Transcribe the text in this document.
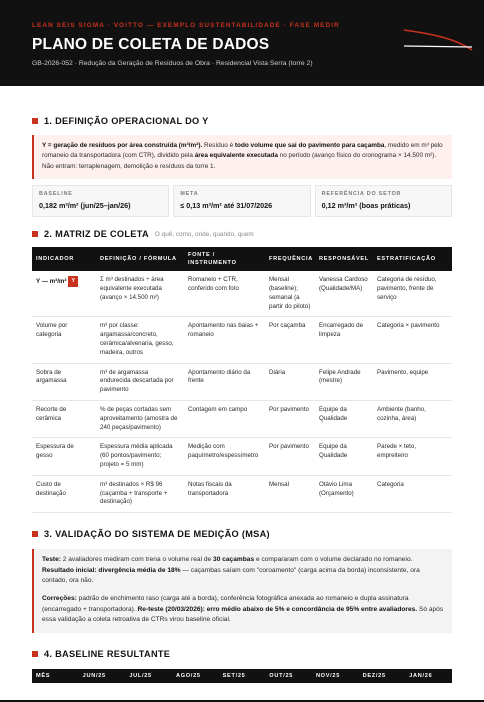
LEAN SEIS SIGMA · VOITTO — EXEMPLO SUSTENTABILIDADE · FASE MEDIR
PLANO DE COLETA DE DADOS
GB-2026-052 · Redução da Geração de Resíduos de Obra · Residencial Vista Serra (torre 2)
1. DEFINIÇÃO OPERACIONAL DO Y
Y = geração de resíduos por área construída (m³/m²). Resíduo é todo volume que sai do pavimento para caçamba, medido em m³ pelo romaneio da transportadora (com CTR), dividido pela área equivalente executada no período (avanço físico do cronograma × 14.500 m²). Não entram: terraplenagem, demolição e resíduos da torre 1.
BASELINE
0,182 m³/m² (jun/25–jan/26)
META
≤ 0,13 m³/m² até 31/07/2026
REFERÊNCIA DO SETOR
0,12 m³/m² (boas práticas)
2. MATRIZ DE COLETA O quê, como, onde, quando, quem
INDICADOR	DEFINIÇÃO / FÓRMULA	FONTE / INSTRUMENTO	FREQUÊNCIA	RESPONSÁVEL	ESTRATIFICAÇÃO
Y — m³/m² Y	Σ m³ destinados ÷ área equivalente executada (avanço × 14.500 m²)	Romaneio + CTR, conferido com foto	Mensal (baseline); semanal (a partir do piloto)	Vanessa Cardoso (Qualidade/MA)	Categoria de resíduo, pavimento, frente de serviço
Volume por categoria	m³ por classe: argamassa/concreto, cerâmica/alvenaria, gesso, madeira, outros	Apontamento nas baias + romaneio	Por caçamba	Encarregado de limpeza	Categoria × pavimento
Sobra de argamassa	m³ de argamassa endurecida descartada por pavimento	Apontamento diário da frente	Diária	Felipe Andrade (mestre)	Pavimento, equipe
Recorte de cerâmica	% de peças cortadas sem aproveitamento (amostra de 240 peças/pavimento)	Contagem em campo	Por pavimento	Equipe da Qualidade	Ambiente (banho, cozinha, área)
Espessura de gesso	Espessura média aplicada (60 pontos/pavimento; projeto = 5 mm)	Medição com paquímetro/espessímetro	Por pavimento	Equipe da Qualidade	Parede × teto, empreiteiro
Custo de destinação	m³ destinados × R$ 96 (caçamba + transporte + destinação)	Notas fiscais da transportadora	Mensal	Otávio Lima (Orçamento)	Categoria
3. VALIDAÇÃO DO SISTEMA DE MEDIÇÃO (MSA)

Teste: 2 avaliadores mediram com trena o volume real de 30 caçambas e compararam com o volume declarado no romaneio. Resultado inicial: divergência média de 18% — caçambas saíam com "coroamento" (carga acima da borda) inconsistente, ora contado, ora não.

Correções: padrão de enchimento raso (carga até a borda), conferência fotográfica anexada ao romaneio e dupla assinatura (encarregado + transportadora). Re-teste (20/03/2026): erro médio abaixo de 5% e concordância de 95% entre avaliadores. Só após essa validação a coleta retroativa de CTRs virou baseline oficial.

4. BASELINE RESULTANTE
MÊS	JUN/25	JUL/25	AGO/25	SET/25	OUT/25	NOV/25	DEZ/25	JAN/26
